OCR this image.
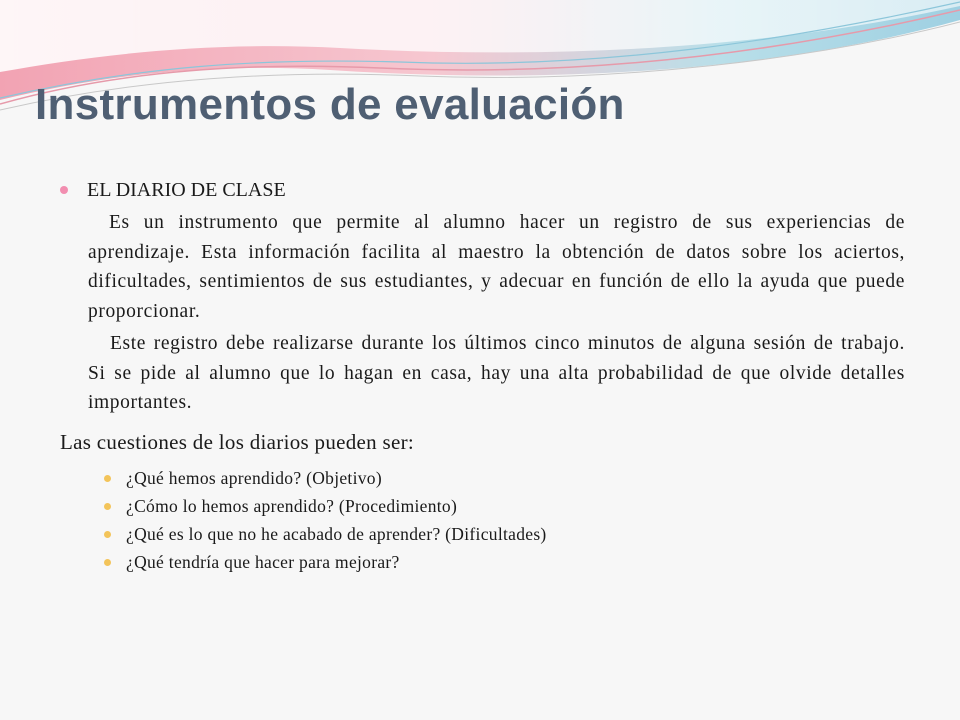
Instrumentos de evaluación

EL DIARIO DE CLASE

Es un instrumento que permite al alumno hacer un registro de sus experiencias de aprendizaje. Esta información facilita al maestro la obtención de datos sobre los aciertos, dificultades, sentimientos de sus estudiantes, y adecuar en función de ello la ayuda que puede proporcionar.

Este registro debe realizarse durante los últimos cinco minutos de alguna sesión de trabajo. Si se pide al alumno que lo hagan en casa, hay una alta probabilidad de que olvide detalles importantes.

Las cuestiones de los diarios pueden ser:

¿Qué hemos aprendido? (Objetivo)
¿Cómo lo hemos aprendido? (Procedimiento)
¿Qué es lo que no he acabado de aprender? (Dificultades)
¿Qué tendría que hacer para mejorar?
